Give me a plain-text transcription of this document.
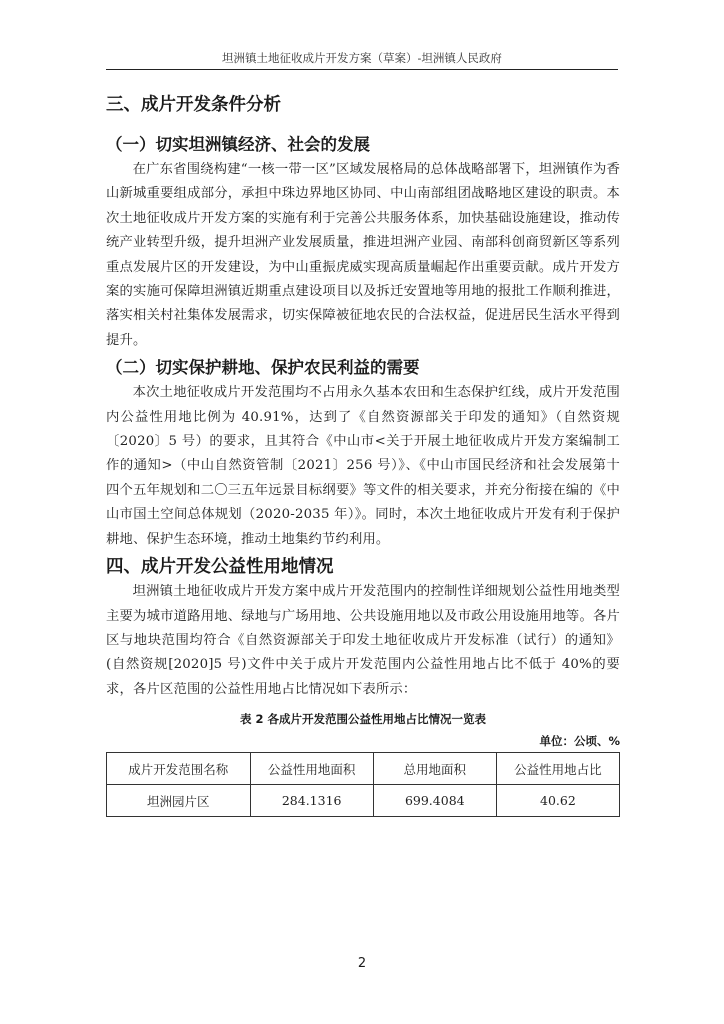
坦洲镇土地征收成片开发方案（草案）-坦洲镇人民政府
三、成片开发条件分析
（一）切实坦洲镇经济、社会的发展

在广东省围绕构建“一核一带一区”区域发展格局的总体战略部署下，坦洲镇作为香山新城重要组成部分，承担中珠边界地区协同、中山南部组团战略地区建设的职责。本次土地征收成片开发方案的实施有利于完善公共服务体系，加快基础设施建设，推动传统产业转型升级，提升坦洲产业发展质量，推进坦洲产业园、南部科创商贸新区等系列重点发展片区的开发建设，为中山重振虎威实现高质量崛起作出重要贡献。成片开发方案的实施可保障坦洲镇近期重点建设项目以及拆迁安置地等用地的报批工作顺利推进，落实相关村社集体发展需求，切实保障被征地农民的合法权益，促进居民生活水平得到提升。

（二）切实保护耕地、保护农民利益的需要

本次土地征收成片开发范围均不占用永久基本农田和生态保护红线，成片开发范围内公益性用地比例为 40.91%，达到了《自然资源部关于印发的通知》（自然资规〔2020〕5 号）的要求，且其符合《中山市<关于开展土地征收成片开发方案编制工作的通知>（中山自然资管制〔2021〕256 号）》、《中山市国民经济和社会发展第十四个五年规划和二〇三五年远景目标纲要》等文件的相关要求，并充分衔接在编的《中山市国土空间总体规划（2020-2035 年）》。同时，本次土地征收成片开发有利于保护耕地、保护生态环境，推动土地集约节约利用。

四、成片开发公益性用地情况

坦洲镇土地征收成片开发方案中成片开发范围内的控制性详细规划公益性用地类型主要为城市道路用地、绿地与广场用地、公共设施用地以及市政公用设施用地等。各片区与地块范围均符合《自然资源部关于印发土地征收成片开发标准（试行）的通知》(自然资规[2020]5 号)文件中关于成片开发范围内公益性用地占比不低于 40%的要求，各片区范围的公益性用地占比情况如下表所示：

表 2 各成片开发范围公益性用地占比情况一览表
单位：公顷、%
成片开发范围名称	公益性用地面积	总用地面积	公益性用地占比
坦洲园片区	284.1316	699.4084	40.62
2
